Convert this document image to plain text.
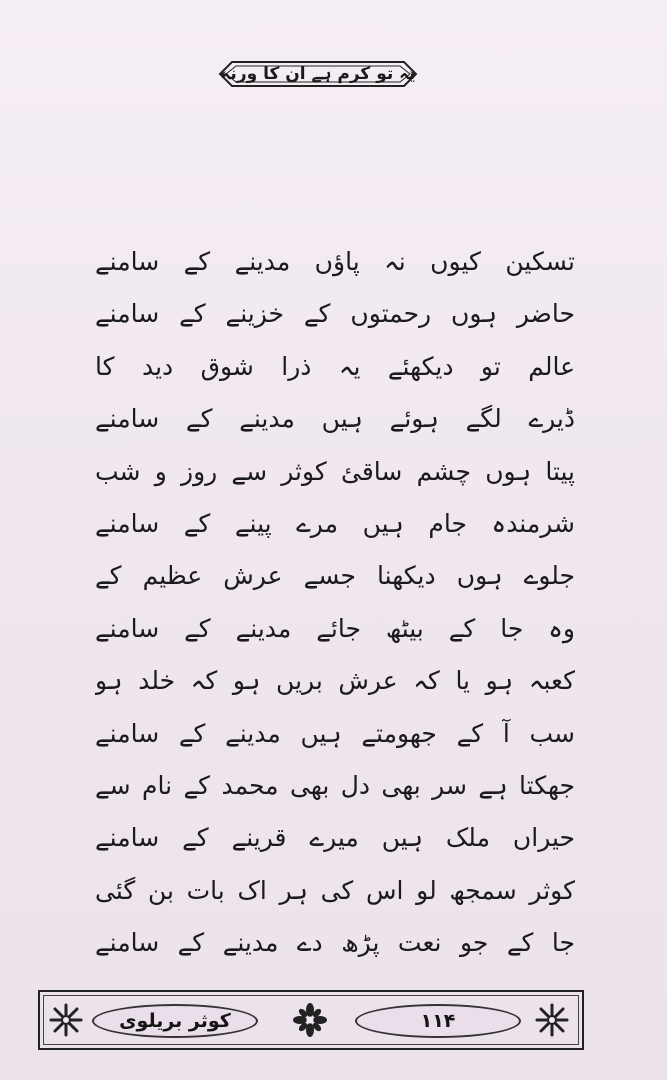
یہ تو کرم ہے ان کا ورنہ
تسکین کیوں نہ پاؤں مدینے کے سامنے
حاضر ہوں رحمتوں کے خزینے کے سامنے
عالم تو دیکھئے یہ ذرا شوق دید کا
ڈیرے لگے ہوئے ہیں مدینے کے سامنے
پیتا ہوں چشم ساقئ کوثر سے روز و شب
شرمندہ جام ہیں مرے پینے کے سامنے
جلوے ہوں دیکھنا جسے عرش عظیم کے
وہ جا کے بیٹھ جائے مدینے کے سامنے
کعبہ ہو یا کہ عرش بریں ہو کہ خلد ہو
سب آ کے جھومتے ہیں مدینے کے سامنے
جھکتا ہے سر بھی دل بھی محمد کے نام سے
حیراں ملک ہیں میرے قرینے کے سامنے
کوثر سمجھ لو اس کی ہر اک بات بن گئی
جا کے جو نعت پڑھ دے مدینے کے سامنے
کوثر بریلوی	۱۱۴
